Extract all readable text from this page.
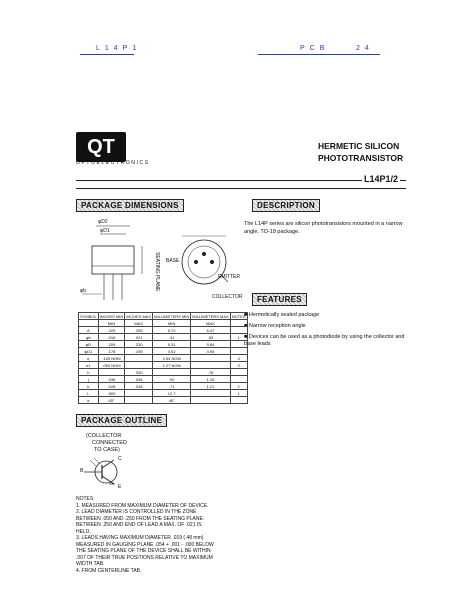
L14P1	PCB	24
QT
OPTOELECTRONICS
HERMETIC SILICON
PHOTOTRANSISTOR
L14P1/2
PACKAGE DIMENSIONS	DESCRIPTION
FEATURES
PACKAGE OUTLINE
The L14P series are silicon phototransistors mounted in a narrow angle, TO-18 package.
■ Hermetically sealed package
■ Narrow reception angle
■ Devices can be used as a photodiode by using the collector and base leads
φD2
φD1
SEATING PLANE
φb
BASE
EMITTER
COLLECTOR
SYMBOL	INCHES MIN	INCHES MAX	MILLIMETERS MIN	MILLIMETERS MAX	NOTES
	MIN	MAX	MIN	MAX	
A	.225	.255	5.72	6.47	
φb	.016	.021	.41	.53	1
φD	.209	.230	5.31	5.84	
φD1	.178	.195	4.52	4.95	
e	.100 NOM		2.54 NOM		3
e1	.050 NOM		1.27 NOM		3
h		.030		.76	
j	.036	.046	.92	1.16	
k	.028	.048	.71	1.21	2
L	.500		12.7		1
α	45°		45°		
(COLLECTOR
CONNECTED
TO CASE)
B
C
E
NOTES:
1. MEASURED FROM MAXIMUM DIAMETER OF DEVICE.
2. LEAD DIAMETER IS CONTROLLED IN THE ZONE BETWEEN .050 AND .250 FROM THE SEATING PLANE. BETWEEN .250 AND END OF LEAD A MAX. OF .021 IS HELD.
3. LEADS HAVING MAXIMUM DIAMETER .019 (.48 mm) MEASURED IN GAUGING PLANE .054 + .001 - .000 BELOW THE SEATING PLANE OF THE DEVICE SHALL BE WITHIN .007 OF THEIR TRUE POSITIONS RELATIVE TO MAXIMUM WIDTH TAB.
4. FROM CENTERLINE TAB.
